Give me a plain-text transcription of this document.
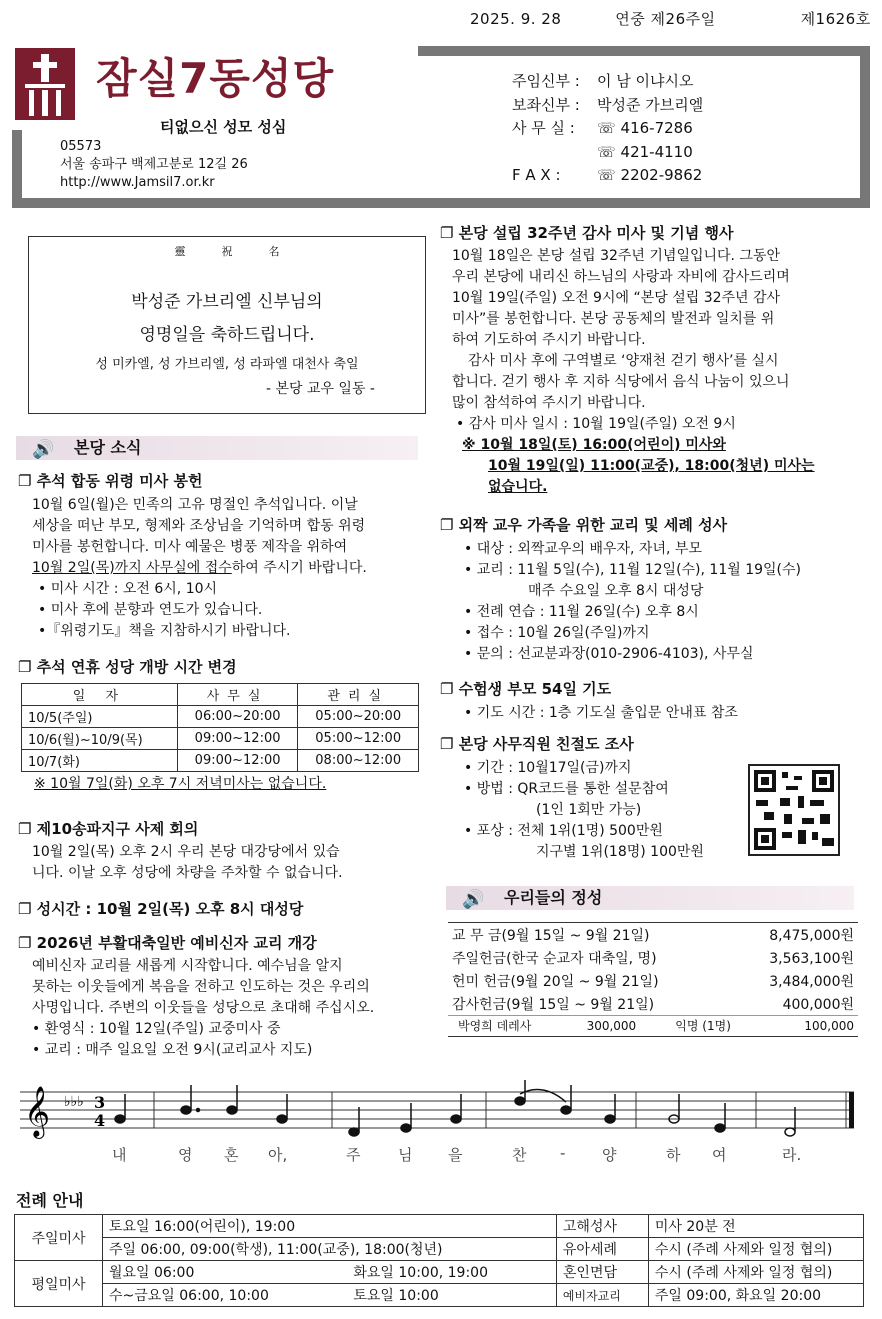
2025. 9. 28	연중 제26주일	제1626호
잠실7동성당
티없으신 성모 성심
05573
서울 송파구 백제고분로 12길 26
http://www.Jamsil7.or.kr
주임신부 : 이 남 이냐시오
보좌신부 : 박성준 가브리엘
사 무 실 : ☏ 416-7286
☏ 421-4110
F A X : ☏ 2202-9862
靈祝名
박성준 가브리엘 신부님의
영명일을 축하드립니다.
성 미카엘, 성 가브리엘, 성 라파엘 대천사 축일
- 본당 교우 일동 -
🔊 본당 소식
❐ 추석 합동 위령 미사 봉헌
10월 6일(월)은 민족의 고유 명절인 추석입니다. 이날
세상을 떠난 부모, 형제와 조상님을 기억하며 합동 위령
미사를 봉헌합니다. 미사 예물은 병풍 제작을 위하여
10월 2일(목)까지 사무실에 접수하여 주시기 바랍니다.
• 미사 시간 : 오전 6시, 10시
• 미사 후에 분향과 연도가 있습니다.
•『위령기도』책을 지참하시기 바랍니다.
❐ 추석 연휴 성당 개방 시간 변경
일 자	사무실	관리실
10/5(주일)	06:00~20:00	05:00~20:00
10/6(월)~10/9(목)	09:00~12:00	05:00~12:00
10/7(화)	09:00~12:00	08:00~12:00
※ 10월 7일(화) 오후 7시 저녁미사는 없습니다.
❐ 제10송파지구 사제 회의
10월 2일(목) 오후 2시 우리 본당 대강당에서 있습
니다. 이날 오후 성당에 차량을 주차할 수 없습니다.
❐ 성시간 : 10월 2일(목) 오후 8시 대성당
❐ 2026년 부활대축일반 예비신자 교리 개강
예비신자 교리를 새롭게 시작합니다. 예수님을 알지
못하는 이웃들에게 복음을 전하고 인도하는 것은 우리의
사명입니다. 주변의 이웃들을 성당으로 초대해 주십시오.
• 환영식 : 10월 12일(주일) 교중미사 중
• 교리 : 매주 일요일 오전 9시(교리교사 지도)
❐ 본당 설립 32주년 감사 미사 및 기념 행사
10월 18일은 본당 설립 32주년 기념일입니다. 그동안
우리 본당에 내리신 하느님의 사랑과 자비에 감사드리며
10월 19일(주일) 오전 9시에 “본당 설립 32주년 감사
미사”를 봉헌합니다. 본당 공동체의 발전과 일치를 위
하여 기도하여 주시기 바랍니다.
감사 미사 후에 구역별로 ‘양재천 걷기 행사’를 실시
합니다. 걷기 행사 후 지하 식당에서 음식 나눔이 있으니
많이 참석하여 주시기 바랍니다.
• 감사 미사 일시 : 10월 19일(주일) 오전 9시
※ 10월 18일(토) 16:00(어린이) 미사와
10월 19일(일) 11:00(교중), 18:00(청년) 미사는
없습니다.
❐ 외짝 교우 가족을 위한 교리 및 세례 성사
• 대상 : 외짝교우의 배우자, 자녀, 부모
• 교리 : 11월 5일(수), 11월 12일(수), 11월 19일(수)
매주 수요일 오후 8시 대성당
• 전례 연습 : 11월 26일(수) 오후 8시
• 접수 : 10월 26일(주일)까지
• 문의 : 선교분과장(010-2906-4103), 사무실
❐ 수험생 부모 54일 기도
• 기도 시간 : 1층 기도실 출입문 안내표 참조
❐ 본당 사무직원 친절도 조사
• 기간 : 10월17일(금)까지
• 방법 : QR코드를 통한 설문참여
(1인 1회만 가능)
• 포상 : 전체 1위(1명) 500만원
지구별 1위(18명) 100만원
🔊 우리들의 정성
교 무 금(9월 15일 ~ 9월 21일)	8,475,000원
주일헌금(한국 순교자 대축일, 명)	3,563,100원
헌미 헌금(9월 20일 ~ 9월 21일)	3,484,000원
감사헌금(9월 15일 ~ 9월 21일)	400,000원
박영희 데레사	300,000	익명 (1명)	100,000
𝄞 ♭♭♭ 3
4
내	영 혼 아,	주	님 을	찬 - 양	하 여	라.
전례 안내
주일미사	토요일 16:00(어린이), 19:00		고해성사	미사 20분 전
	주일 06:00, 09:00(학생), 11:00(교중), 18:00(청년)		유아세례	수시 (주례 사제와 일정 협의)
평일미사	월요일 06:00	화요일 10:00, 19:00	혼인면담	수시 (주례 사제와 일정 협의)
	수~금요일 06:00, 10:00	토요일 10:00	예비자교리	주일 09:00, 화요일 20:00
